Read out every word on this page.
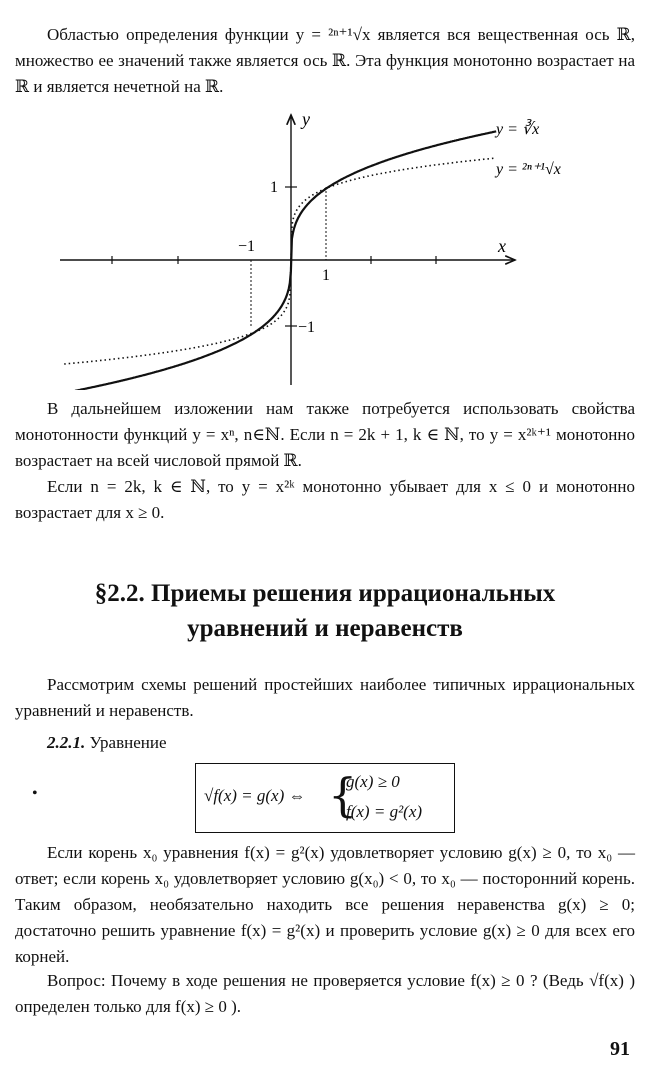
Областью определения функции y = ²ⁿ⁺¹√x является вся вещественная ось ℝ, множество ее значений также является ось ℝ. Эта функция монотонно возрастает на ℝ и является нечетной на ℝ.
y
x
1
−1
−1
1
y = ∛x
y = ²ⁿ⁺¹√x
В дальнейшем изложении нам также потребуется использовать свойства монотонности функций y = xⁿ, n∈ℕ. Если n = 2k + 1, k ∈ ℕ, то y = x²ᵏ⁺¹ монотонно возрастает на всей числовой прямой ℝ.
Если n = 2k, k ∈ ℕ, то y = x²ᵏ монотонно убывает для x ≤ 0 и монотонно возрастает для x ≥ 0.
§2.2. Приемы решения иррациональных
уравнений и неравенств
Рассмотрим схемы решений простейших наиболее типичных иррациональных уравнений и неравенств.
2.2.1. Уравнение
•	√f(x) = g(x) ⇔ {
g(x) ≥ 0
f(x) = g²(x)
Если корень x₀ уравнения f(x) = g²(x) удовлетворяет условию g(x) ≥ 0, то x₀ — ответ; если корень x₀ удовлетворяет условию g(x₀) < 0, то x₀ — посторонний корень. Таким образом, необязательно находить все решения неравенства g(x) ≥ 0; достаточно решить уравнение f(x) = g²(x) и проверить условие g(x) ≥ 0 для всех его корней.
Вопрос: Почему в ходе решения не проверяется условие f(x) ≥ 0 ? (Ведь √f(x) ) определен только для f(x) ≥ 0 ).
91
